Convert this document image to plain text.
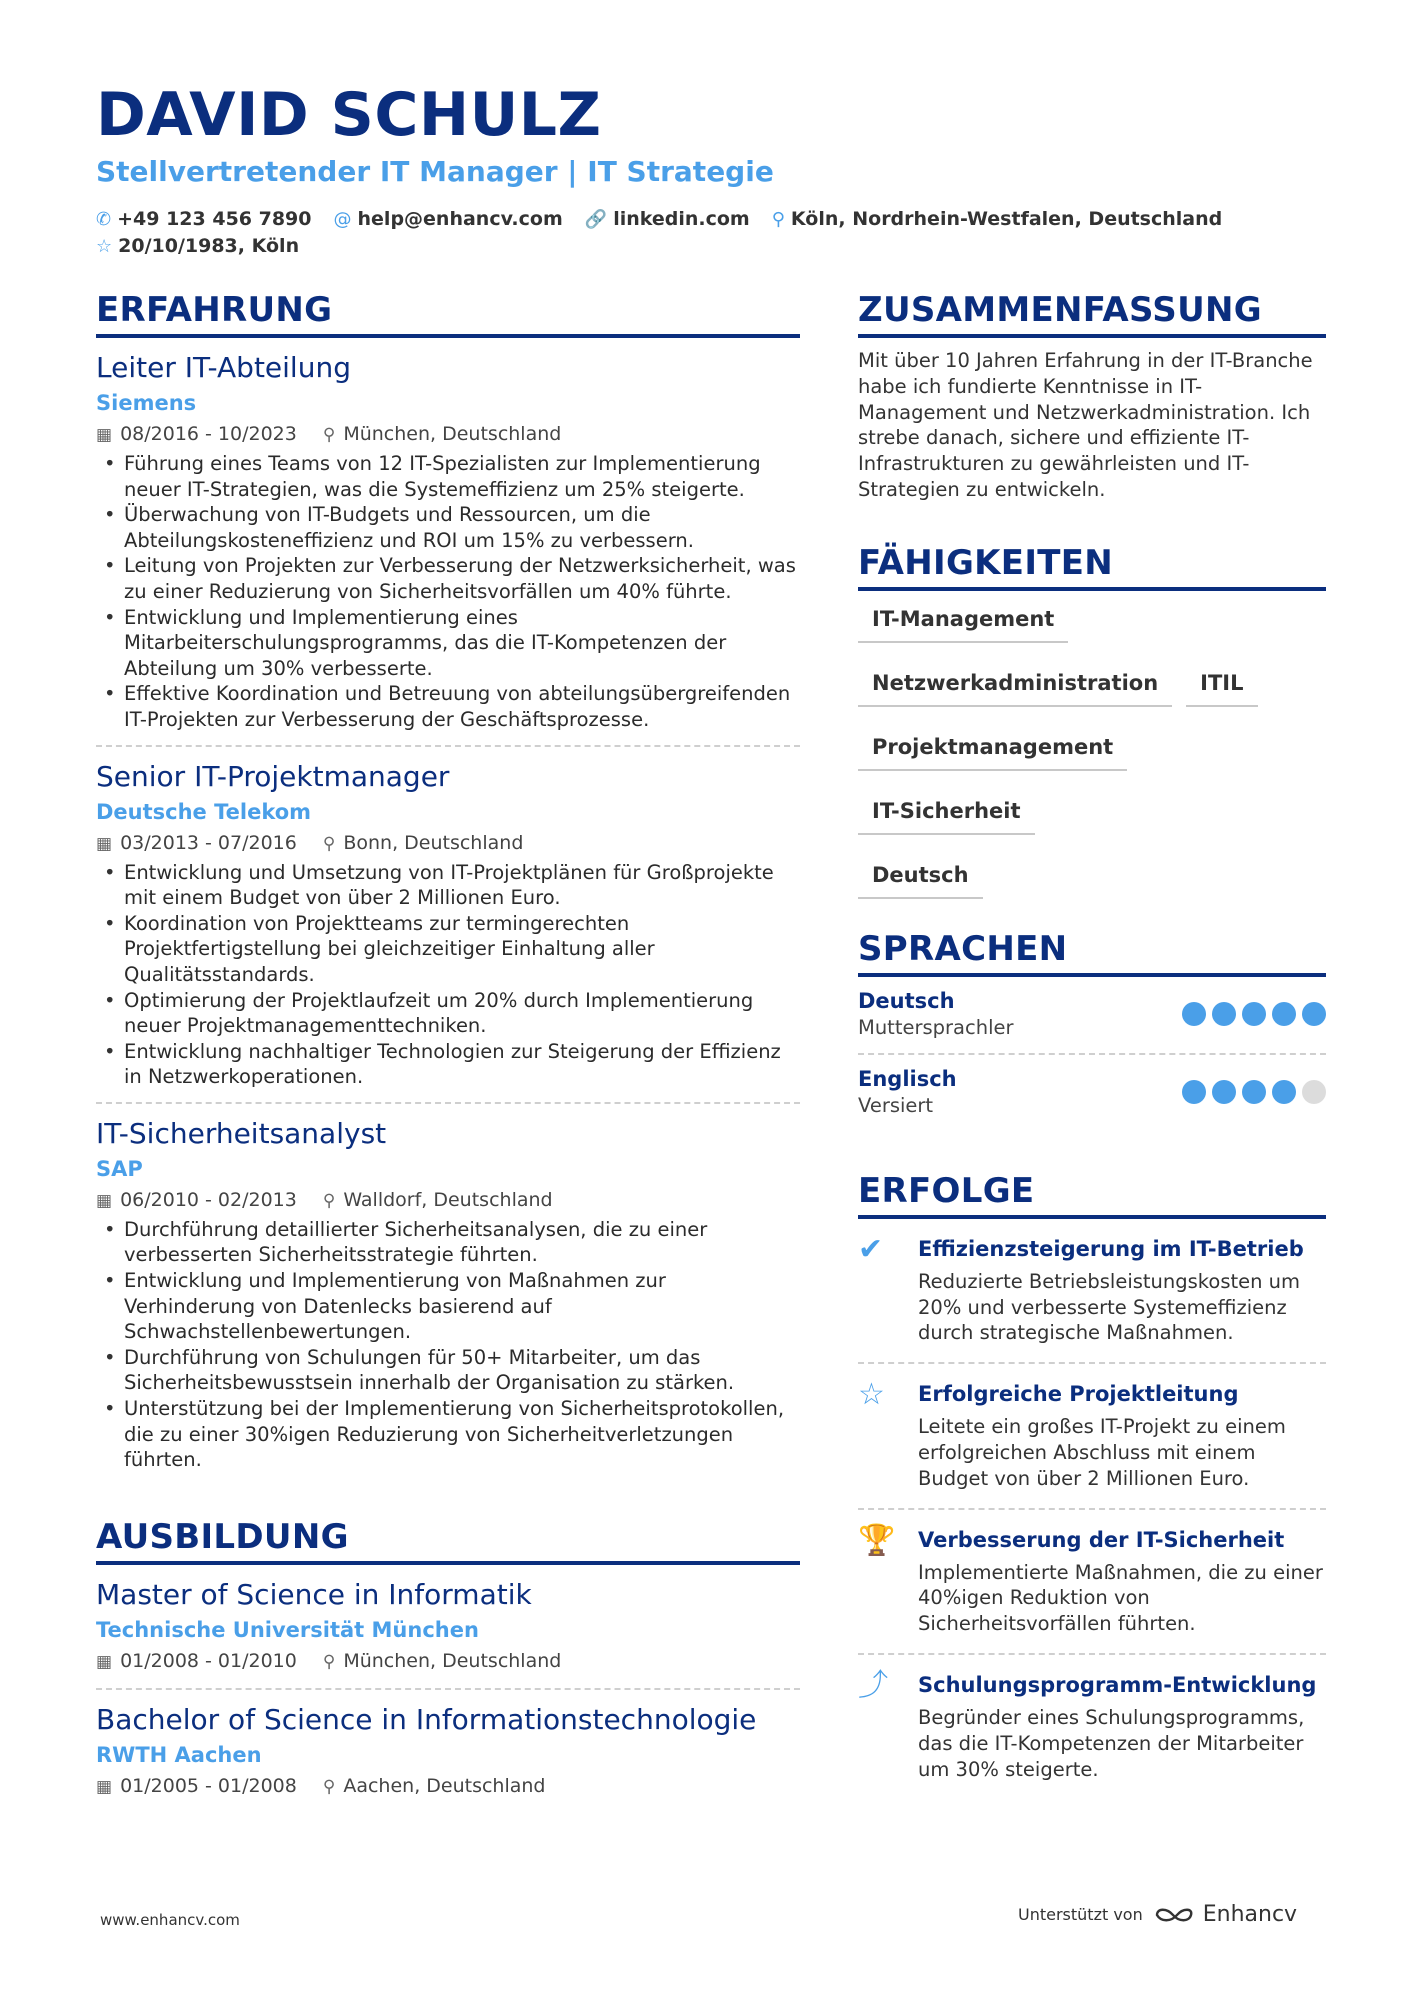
DAVID SCHULZ
Stellvertretender IT Manager | IT Strategie
✆ +49 123 456 7890 @ help@enhancv.com 🔗 linkedin.com ⚲ Köln, Nordrhein-Westfalen, Deutschland
☆ 20/10/1983, Köln
ERFAHRUNG
Leiter IT-Abteilung
Siemens
▦ 08/2016 - 10/2023 ⚲ München, Deutschland
• Führung eines Teams von 12 IT-Spezialisten zur Implementierung neuer IT-Strategien, was die Systemeffizienz um 25% steigerte.
• Überwachung von IT-Budgets und Ressourcen, um die Abteilungskosteneffizienz und ROI um 15% zu verbessern.
• Leitung von Projekten zur Verbesserung der Netzwerksicherheit, was zu einer Reduzierung von Sicherheitsvorfällen um 40% führte.
• Entwicklung und Implementierung eines Mitarbeiterschulungsprogramms, das die IT-Kompetenzen der Abteilung um 30% verbesserte.
• Effektive Koordination und Betreuung von abteilungsübergreifenden IT-Projekten zur Verbesserung der Geschäftsprozesse.
Senior IT-Projektmanager
Deutsche Telekom
▦ 03/2013 - 07/2016 ⚲ Bonn, Deutschland
• Entwicklung und Umsetzung von IT-Projektplänen für Großprojekte mit einem Budget von über 2 Millionen Euro.
• Koordination von Projektteams zur termingerechten Projektfertigstellung bei gleichzeitiger Einhaltung aller Qualitätsstandards.
• Optimierung der Projektlaufzeit um 20% durch Implementierung neuer Projektmanagementtechniken.
• Entwicklung nachhaltiger Technologien zur Steigerung der Effizienz in Netzwerkoperationen.
IT-Sicherheitsanalyst
SAP
▦ 06/2010 - 02/2013 ⚲ Walldorf, Deutschland
• Durchführung detaillierter Sicherheitsanalysen, die zu einer verbesserten Sicherheitsstrategie führten.
• Entwicklung und Implementierung von Maßnahmen zur Verhinderung von Datenlecks basierend auf Schwachstellenbewertungen.
• Durchführung von Schulungen für 50+ Mitarbeiter, um das Sicherheitsbewusstsein innerhalb der Organisation zu stärken.
• Unterstützung bei der Implementierung von Sicherheitsprotokollen, die zu einer 30%igen Reduzierung von Sicherheitverletzungen führten.
AUSBILDUNG
Master of Science in Informatik
Technische Universität München
▦ 01/2008 - 01/2010 ⚲ München, Deutschland
Bachelor of Science in Informationstechnologie
RWTH Aachen
▦ 01/2005 - 01/2008 ⚲ Aachen, Deutschland
ZUSAMMENFASSUNG
Mit über 10 Jahren Erfahrung in der IT-Branche habe ich fundierte Kenntnisse in IT-Management und Netzwerkadministration. Ich strebe danach, sichere und effiziente IT-Infrastrukturen zu gewährleisten und IT-Strategien zu entwickeln.
FÄHIGKEITEN
IT-Management
Netzwerkadministration ITIL
ProjektmanagementIT-Sicherheit
Deutsch
SPRACHEN
Deutsch
Muttersprachler
Englisch
Versiert
ERFOLGE
✔	Effizienzsteigerung im IT-Betrieb
Reduzierte Betriebsleistungskosten um 20% und verbesserte Systemeffizienz durch strategische Maßnahmen.
☆	Erfolgreiche Projektleitung
Leitete ein großes IT-Projekt zu einem erfolgreichen Abschluss mit einem Budget von über 2 Millionen Euro.
🏆	Verbesserung der IT-Sicherheit
Implementierte Maßnahmen, die zu einer 40%igen Reduktion von Sicherheitsvorfällen führten.
⤴	Schulungsprogramm-Entwicklung
Begründer eines Schulungsprogramms, das die IT-Kompetenzen der Mitarbeiter um 30% steigerte.
www.enhancv.com	Unterstützt von	Enhancv
